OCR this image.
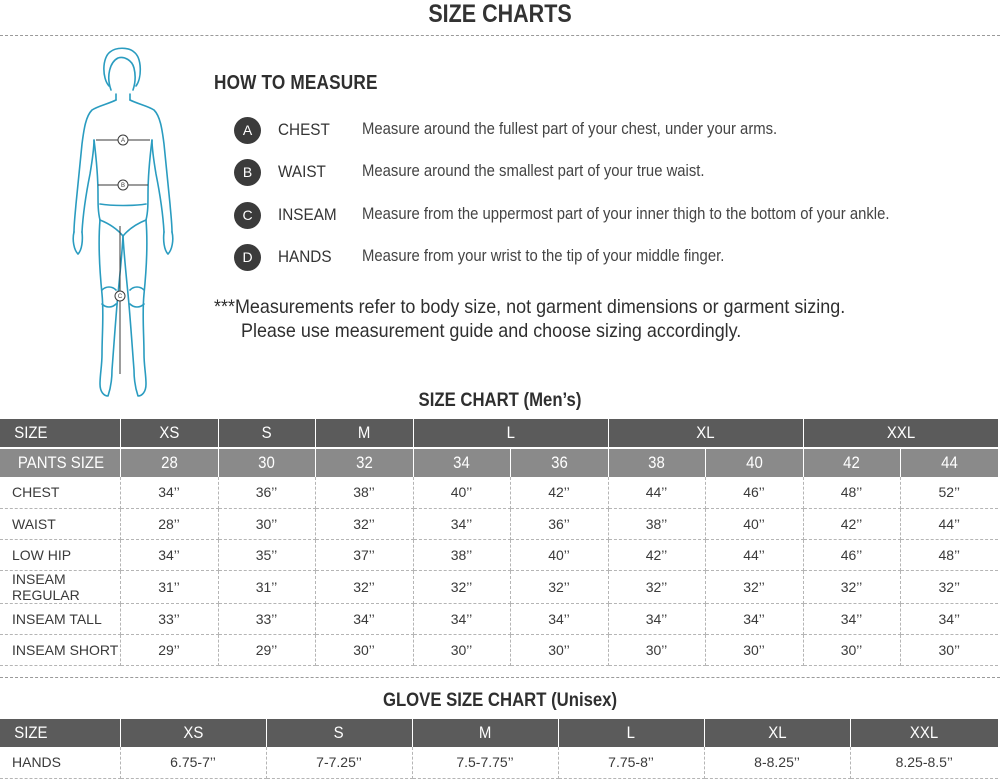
SIZE CHARTS
A
B
C
HOW TO MEASURE
A	CHEST Measure around the fullest part of your chest, under your arms.
B	WAIST Measure around the smallest part of your true waist.
C	INSEAM Measure from the uppermost part of your inner thigh to the bottom of your ankle.
D	HANDS Measure from your wrist to the tip of your middle finger.
***Measurements refer to body size, not garment dimensions or garment sizing.
Please use measurement guide and choose sizing accordingly.
SIZE CHART (Men’s)
SIZE	XS	S	M	L		XL		XXL	
PANTS SIZE	28	30	32	34	36	38	40	42	44
CHEST	34’’	36’’	38’’	40’’	42’’	44’’	46’’	48’’	52’’
WAIST	28’’	30’’	32’’	34’’	36’’	38’’	40’’	42’’	44’’
LOW HIP	34’’	35’’	37’’	38’’	40’’	42’’	44’’	46’’	48’’
INSEAM REGULAR	31’’	31’’	32’’	32’’	32’’	32’’	32’’	32’’	32’’
INSEAM TALL	33’’	33’’	34’’	34’’	34’’	34’’	34’’	34’’	34’’
INSEAM SHORT	29’’	29’’	30’’	30’’	30’’	30’’	30’’	30’’	30’’
GLOVE SIZE CHART (Unisex)
SIZE	XS	S	M	L	XL	XXL
HANDS	6.75-7’’	7-7.25’’	7.5-7.75’’	7.75-8’’	8-8.25’’	8.25-8.5’’
